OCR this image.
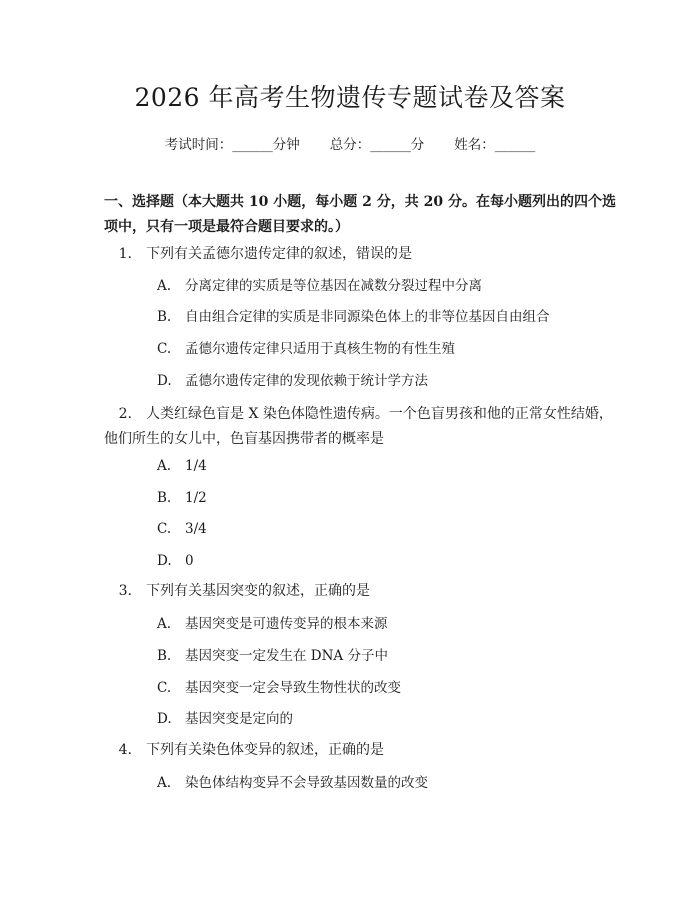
2026 年高考生物遗传专题试卷及答案
考试时间：______分钟 总分：______分 姓名：______
一、选择题（本大题共 10 小题，每小题 2 分，共 20 分。在每小题列出的四个选项中，只有一项是最符合题目要求的。）
1. 下列有关孟德尔遗传定律的叙述，错误的是
A. 分离定律的实质是等位基因在减数分裂过程中分离
B. 自由组合定律的实质是非同源染色体上的非等位基因自由组合
C. 孟德尔遗传定律只适用于真核生物的有性生殖
D. 孟德尔遗传定律的发现依赖于统计学方法
2. 人类红绿色盲是 X 染色体隐性遗传病。一个色盲男孩和他的正常女性结婚，他们所生的女儿中，色盲基因携带者的概率是
A. 1/4
B. 1/2
C. 3/4
D. 0
3. 下列有关基因突变的叙述，正确的是
A. 基因突变是可遗传变异的根本来源
B. 基因突变一定发生在 DNA 分子中
C. 基因突变一定会导致生物性状的改变
D. 基因突变是定向的
4. 下列有关染色体变异的叙述，正确的是
A. 染色体结构变异不会导致基因数量的改变
